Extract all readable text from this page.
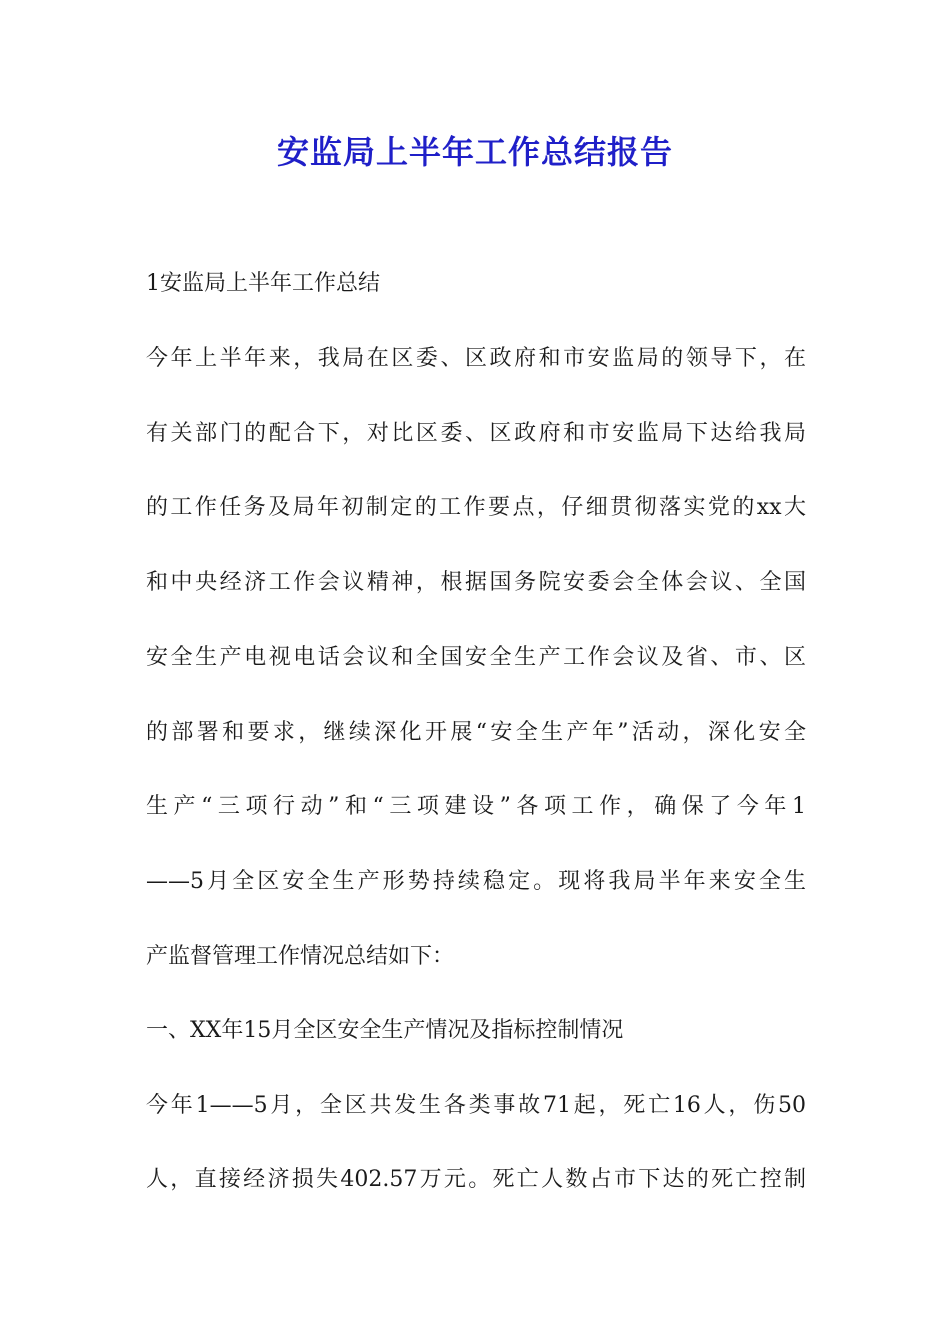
安监局上半年工作总结报告
1安监局上半年工作总结
今年上半年来，我局在区委、区政府和市安监局的领导下，在
有关部门的配合下，对比区委、区政府和市安监局下达给我局
的工作任务及局年初制定的工作要点，仔细贯彻落实党的xx大
和中央经济工作会议精神，根据国务院安委会全体会议、全国
安全生产电视电话会议和全国安全生产工作会议及省、市、区
的部署和要求，继续深化开展“安全生产年”活动，深化安全
生产“三项行动”和“三项建设”各项工作，确保了今年1
——5月全区安全生产形势持续稳定。现将我局半年来安全生
产监督管理工作情况总结如下：
一、XX年15月全区安全生产情况及指标控制情况
今年1——5月，全区共发生各类事故71起，死亡16人，伤50
人，直接经济损失402.57万元。死亡人数占市下达的死亡控制
